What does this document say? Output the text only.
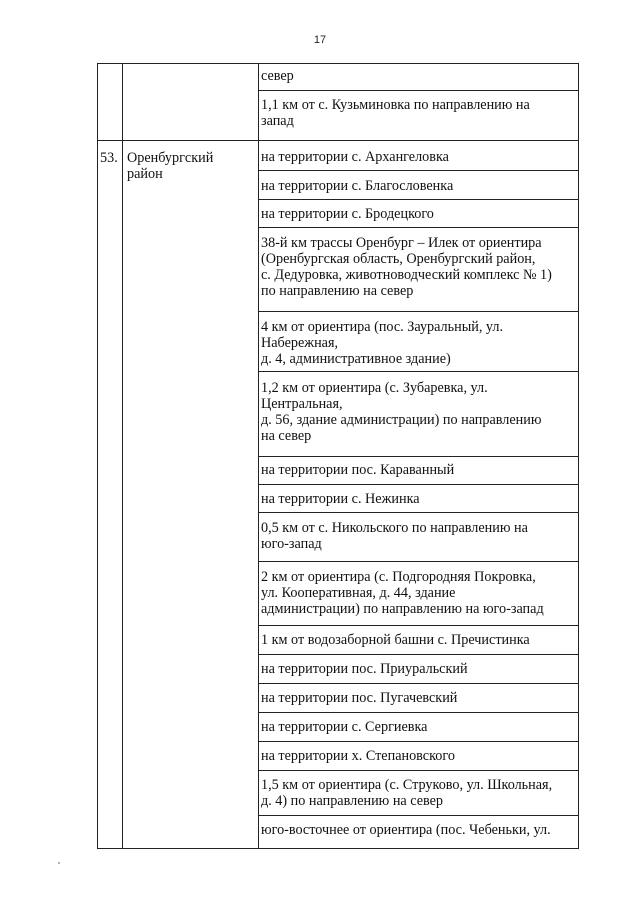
17
север
1,1 км от с. Кузьминовка по направлению на
запад
53. Оренбургский
район
на территории с. Архангеловка
на территории с. Благословенка
на территории с. Бродецкого
38-й км трассы Оренбург – Илек от ориентира
(Оренбургская область, Оренбургский район,
с. Дедуровка, животноводческий комплекс № 1)
по направлению на север
4 км от ориентира (пос. Зауральный, ул.
Набережная,
д. 4, административное здание)
1,2 км от ориентира (с. Зубаревка, ул.
Центральная,
д. 56, здание администрации) по направлению
на север
на территории пос. Караванный
на территории с. Нежинка
0,5 км от с. Никольского по направлению на
юго-запад
2 км от ориентира (с. Подгородняя Покровка,
ул. Кооперативная, д. 44, здание
администрации) по направлению на юго-запад
1 км от водозаборной башни с. Пречистинка
на территории пос. Приуральский
на территории пос. Пугачевский
на территории с. Сергиевка
на территории х. Степановского
1,5 км от ориентира (с. Струково, ул. Школьная,
д. 4) по направлению на север
юго-восточнее от ориентира (пос. Чебеньки, ул.
